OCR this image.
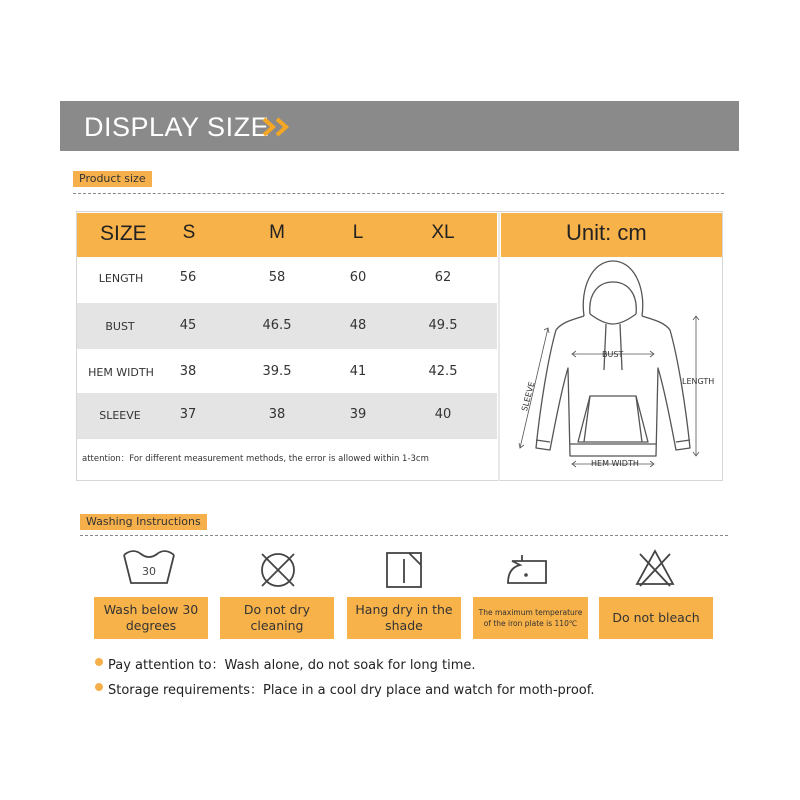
DISPLAY SIZE
Product size
SIZE	S	M	L	XL	Unit: cm
LENGTH	56	58	60	62
BUST	45	46.5	48	49.5
HEM WIDTH	38	39.5	41	42.5
SLEEVE	37	38	39	40
attention：For different measurement methods, the error is allowed within 1-3cm
BUST
SLEEVE	LENGTH
HEM WIDTH
Washing Instructions
30
Wash below 30 degrees
Do not dry cleaning
Hang dry in the shade
The maximum temperature of the iron plate is 110℃	Do not bleach
Pay attention to：Wash alone, do not soak for long time.
Storage requirements：Place in a cool dry place and watch for moth-proof.
